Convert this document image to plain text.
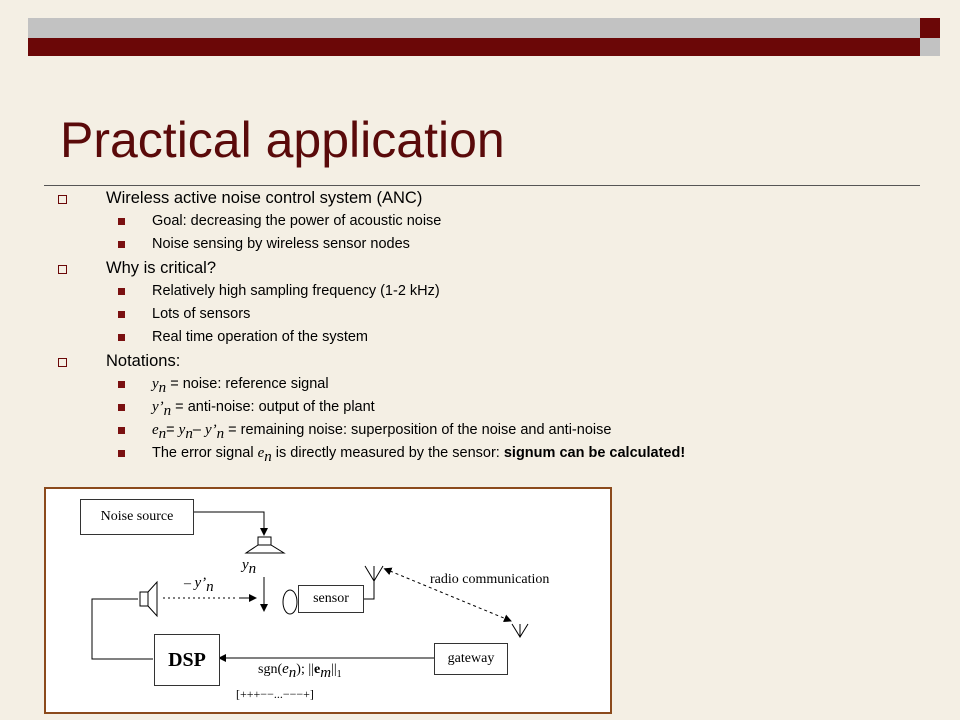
Practical application
Wireless active noise control system (ANC)
Goal: decreasing the power of acoustic noise
Noise sensing by wireless sensor nodes
Why is critical?
Relatively high sampling frequency (1-2 kHz)
Lots of sensors
Real time operation of the system
Notations:
$y_n$ = noise: reference signal
$y’_n$ = anti-noise: output of the plant
$e_n= y_n-$ $y’_n$ = remaining noise: superposition of the noise and anti-noise
The error signal $e_n$ is directly measured by the sensor: signum can be calculated!
Noise source
$y_n$
– $y’_n$
sensor
radio communication
DSP	gateway
$sgn(e_n)$; $||e_m||_1$
[+++−−...−−−+]
